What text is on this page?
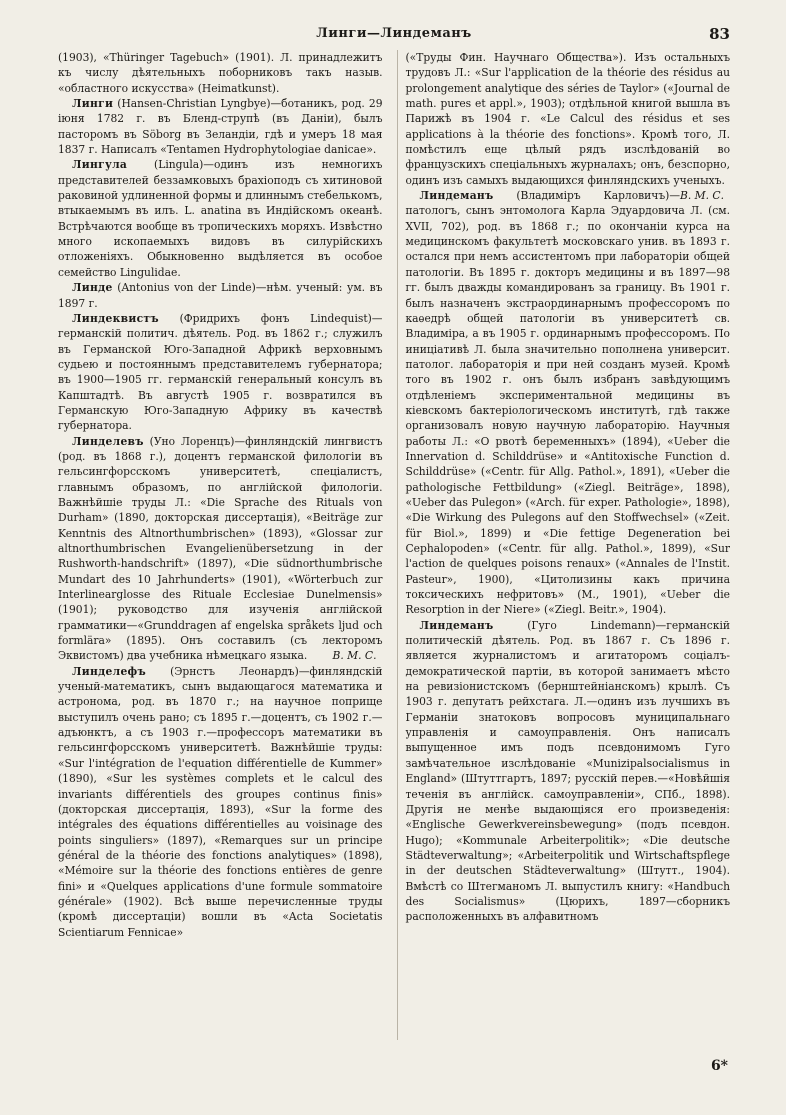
Линги—Линдеманъ	83

(1903), «Thüringer Tagebuch» (1901). Л. принадлежитъ къ числу дѣятельныхъ поборниковъ такъ назыв. «областного искусства» (Heimatkunst).

Линги (Hansen-Christian Lyngbye)—ботаникъ, род. 29 іюня 1782 г. въ Бленд-струпѣ (въ Даніи), былъ пасторомъ въ Söborg въ Зеландіи, гдѣ и умеръ 18 мая 1837 г. Написалъ «Tentamen Hydrophytologiae danicae».

Лингула (Lingula)—одинъ изъ немногихъ представителей беззамковыхъ брахіоподъ съ хитиновой раковиной удлиненной формы и длиннымъ стебелькомъ, втыкаемымъ въ илъ. L. anatina въ Индійскомъ океанѣ. Встрѣчаются вообще въ тропическихъ моряхъ. Извѣстно много ископаемыхъ видовъ въ силурійскихъ отложеніяхъ. Обыкновенно выдѣляется въ особое семейство Lingulidae.

Линде (Antonius von der Linde)—нѣм. ученый: ум. въ 1897 г.

Линдеквистъ (Фридрихъ фонъ Lindequist)—германскій политич. дѣятель. Род. въ 1862 г.; служилъ въ Германской Юго-Западной Африкѣ верховнымъ судьею и постояннымъ представителемъ губернатора; въ 1900—1905 гг. германскій генеральный консулъ въ Капштадтѣ. Въ августѣ 1905 г. возвратился въ Германскую Юго-Западную Африку въ качествѣ губернатора.

Линделевъ (Уно Лоренцъ)—финляндскій лингвистъ (род. въ 1868 г.), доцентъ германской филологіи въ гельсингфорсскомъ университетѣ, спеціалистъ, главнымъ образомъ, по англійской филологіи. Важнѣйшіе труды Л.: «Die Sprache des Rituals von Durham» (1890, докторская диссертація), «Beiträge zur Kenntnis des Altnorthumbrischen» (1893), «Glossar zur altnorthumbrischen Evangelienübersetzung in der Rushworth-handschrift» (1897), «Die südnorthumbrische Mundart des 10 Jahrhunderts» (1901), «Wörterbuch zur Interlinearglosse des Rituale Ecclesiae Dunelmensis» (1901); руководство для изученія англійской грамматики—«Grunddragen af engelska språkets ljud och formlära» (1895). Онъ составилъ (съ лекторомъ Эквистомъ) два учебника нѣмецкаго языка.	В. М. С.

Линделефъ (Эрнстъ Леонардъ)—финляндскій ученый-математикъ, сынъ выдающагося математика и астронома, род. въ 1870 г.; на научное поприще выступилъ очень рано; съ 1895 г.—доцентъ, съ 1902 г.—адъюнктъ, а съ 1903 г.—профессоръ математики въ гельсингфорсскомъ университетѣ. Важнѣйшіе труды: «Sur l'intégration de l'equation différentielle de Kummer» (1890), «Sur les systèmes complets et le calcul des invariants différentiels des groupes continus finis» (докторская диссертація, 1893), «Sur la forme des intégrales des équations différentielles au voisinage des points singuliers» (1897), «Remarques sur un principe général de la théorie des fonctions analytiques» (1898), «Mémoire sur la théorie des fonctions entières de genre fini» и «Quelques applications d'une formule sommatoire générale» (1902). Всѣ выше перечисленные труды (кромѣ диссертаціи) вошли въ «Acta Societatis Scientiarum Fennicae»

(«Труды Фин. Научнаго Общества»). Изъ остальныхъ трудовъ Л.: «Sur l'application de la théorie des résidus au prolongement analytique des séries de Taylor» («Journal de math. pures et appl.», 1903); отдѣльной книгой вышла въ Парижѣ въ 1904 г. «Le Calcul des résidus et ses applications à la théorie des fonctions». Кромѣ того, Л. помѣстилъ еще цѣлый рядъ изслѣдованій во французскихъ спеціальныхъ журналахъ; онъ, безспорно, одинъ изъ самыхъ выдающихся финляндскихъ ученыхъ.
В. М. С.

Линдеманъ (Владиміръ Карловичъ)—патологъ, сынъ энтомолога Карла Эдуардовича Л. (см. XVII, 702), род. въ 1868 г.; по окончаніи курса на медицинскомъ факультетѣ московскаго унив. въ 1893 г. остался при немъ ассистентомъ при лабораторіи общей патологіи. Въ 1895 г. докторъ медицины и въ 1897—98 гг. былъ дважды командированъ за границу. Въ 1901 г. былъ назначенъ экстраординарнымъ профессоромъ по каѳедрѣ общей патологіи въ университетѣ св. Владиміра, а въ 1905 г. ординарнымъ профессоромъ. По иниціативѣ Л. была значительно пополнена университ. патолог. лабораторія и при ней созданъ музей. Кромѣ того въ 1902 г. онъ былъ избранъ завѣдующимъ отдѣленіемъ экспериментальной медицины въ кіевскомъ бактеріологическомъ институтѣ, гдѣ также организовалъ новую научную лабораторію. Научныя работы Л.: «О рвотѣ беременныхъ» (1894), «Ueber die Innervation d. Schilddrüse» и «Antitoxische Function d. Schilddrüse» («Centr. für Allg. Pathol.», 1891), «Ueber die pathologische Fettbildung» («Ziegl. Beiträge», 1898), «Ueber das Pulegon» («Arch. für exper. Pathologie», 1898), «Die Wirkung des Pulegons auf den Stoffwechsel» («Zeit. für Biol.», 1899) и «Die fettige Degeneration bei Cephalopoden» («Centr. für allg. Pathol.», 1899), «Sur l'action de quelques poisons renaux» («Annales de l'Instit. Pasteur», 1900), «Цитолизины какъ причина токсическихъ нефритовъ» (М., 1901), «Ueber die Resorption in der Niere» («Ziegl. Beitr.», 1904).

Линдеманъ (Гуго Lindemann)—германскій политическій дѣятель. Род. въ 1867 г. Съ 1896 г. является журналистомъ и агитаторомъ соціалъ-демократической партіи, въ которой занимаетъ мѣсто на ревизіонистскомъ (бернштейніанскомъ) крылѣ. Съ 1903 г. депутатъ рейхстага. Л.—одинъ изъ лучшихъ въ Германіи знатоковъ вопросовъ муниципальнаго управленія и самоуправленія. Онъ написалъ выпущенное имъ подъ псевдонимомъ Гуго замѣчательное изслѣдованіе «Munizipalsocialismus in England» (Штуттгартъ, 1897; русскій перев.—«Новѣйшія теченія въ англійск. самоуправленіи», СПб., 1898). Другія не менѣе выдающіяся его произведенія: «Englische Gewerkvereinsbewegung» (подъ псевдон. Hugo); «Kommunale Arbeiterpolitik»; «Die deutsche Städteverwaltung»; «Arbeiterpolitik und Wirtschaftspflege in der deutschen Städteverwaltung» (Штутт., 1904). Вмѣстѣ со Штегманомъ Л. выпустилъ книгу: «Handbuch des Socialismus» (Цюрихъ, 1897—сборникъ расположенныхъ въ алфавитномъ

6*
